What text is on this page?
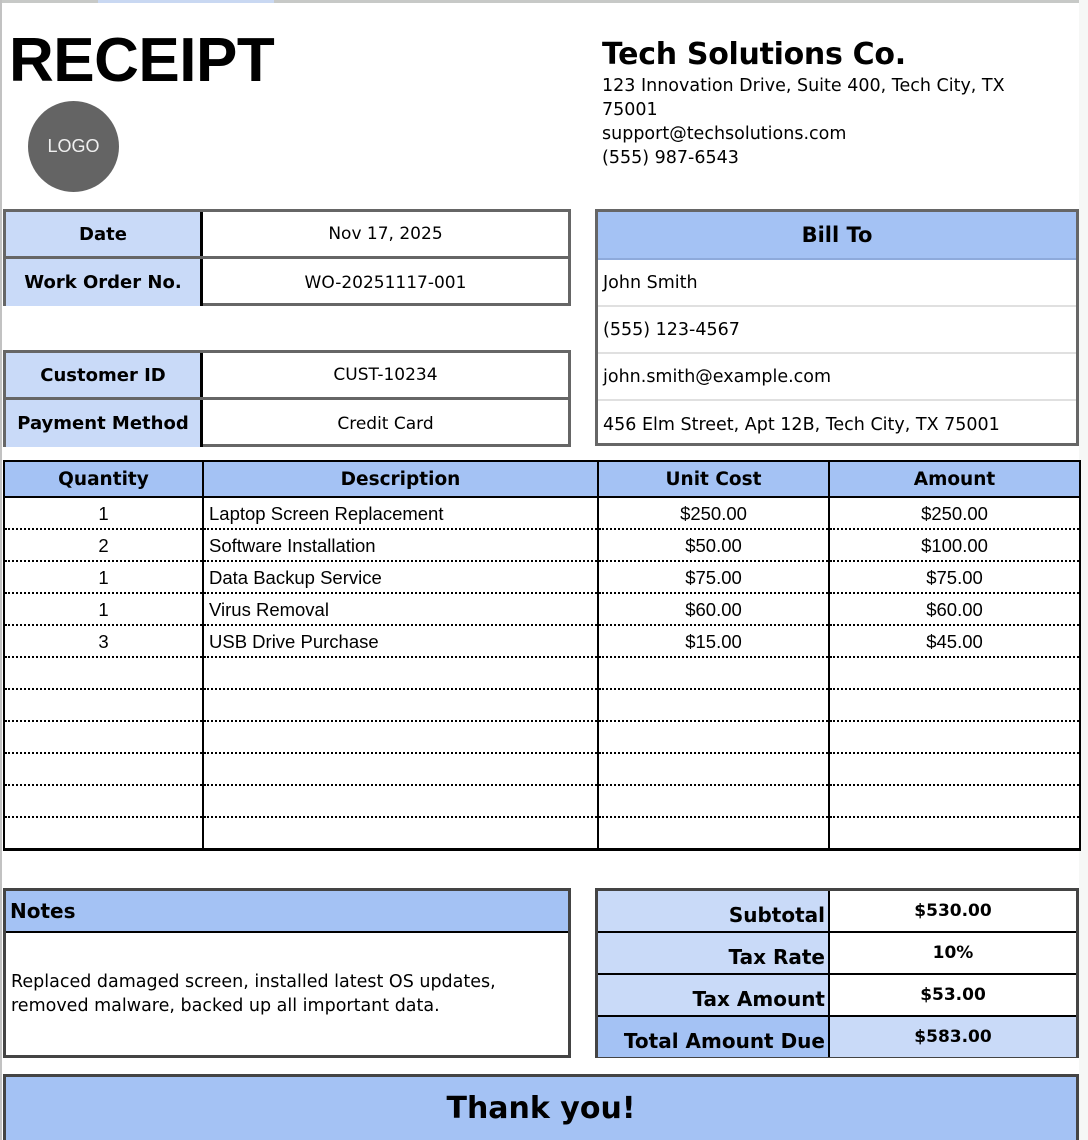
RECEIPT
LOGO
Tech Solutions Co.
123 Innovation Drive, Suite 400, Tech City, TX
75001
support@techsolutions.com
(555) 987-6543
Date	Nov 17, 2025
Work Order No.	WO-20251117-001
Customer ID	CUST-10234
Payment Method	Credit Card
Bill To
John Smith
(555) 123-4567
john.smith@example.com
456 Elm Street, Apt 12B, Tech City, TX 75001
Quantity	Description	Unit Cost	Amount
1	Laptop Screen Replacement	$250.00	$250.00
2	Software Installation	$50.00	$100.00
1	Data Backup Service	$75.00	$75.00
1	Virus Removal	$60.00	$60.00
3	USB Drive Purchase	$15.00	$45.00

Notes
Replaced damaged screen, installed latest OS updates,
removed malware, backed up all important data.
Subtotal	$530.00
Tax Rate	10%
Tax Amount	$53.00
Total Amount Due	$583.00
Thank you!
